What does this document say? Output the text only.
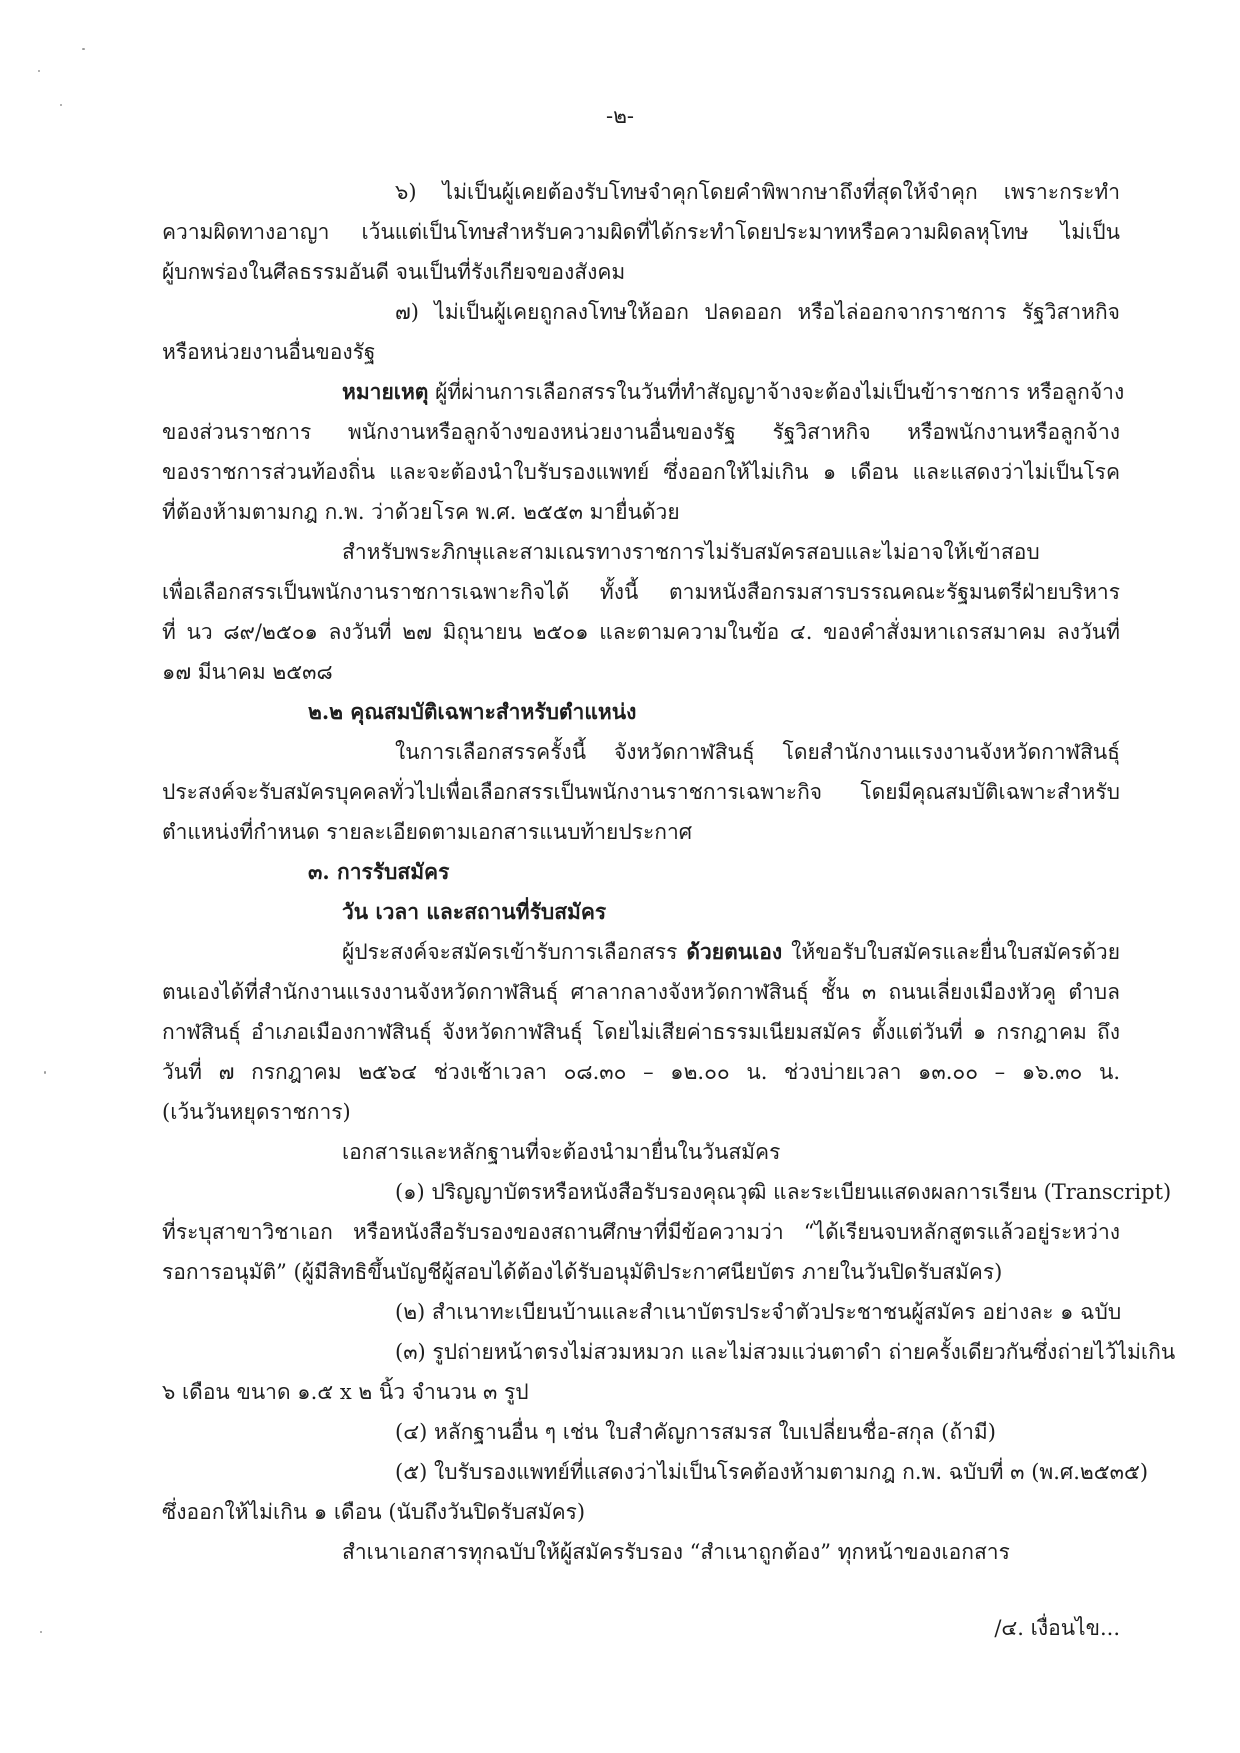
-๒-
๖) ไม่เป็นผู้เคยต้องรับโทษจำคุกโดยคำพิพากษาถึงที่สุดให้จำคุก เพราะกระทำ
ความผิดทางอาญา เว้นแต่เป็นโทษสำหรับความผิดที่ได้กระทำโดยประมาทหรือความผิดลหุโทษ ไม่เป็น
ผู้บกพร่องในศีลธรรมอันดี จนเป็นที่รังเกียจของสังคม
๗) ไม่เป็นผู้เคยถูกลงโทษให้ออก ปลดออก หรือไล่ออกจากราชการ รัฐวิสาหกิจ
หรือหน่วยงานอื่นของรัฐ
หมายเหตุ ผู้ที่ผ่านการเลือกสรรในวันที่ทำสัญญาจ้างจะต้องไม่เป็นข้าราชการ หรือลูกจ้าง
ของส่วนราชการ พนักงานหรือลูกจ้างของหน่วยงานอื่นของรัฐ รัฐวิสาหกิจ หรือพนักงานหรือลูกจ้าง
ของราชการส่วนท้องถิ่น และจะต้องนำใบรับรองแพทย์ ซึ่งออกให้ไม่เกิน ๑ เดือน และแสดงว่าไม่เป็นโรค
ที่ต้องห้ามตามกฎ ก.พ. ว่าด้วยโรค พ.ศ. ๒๕๕๓ มายื่นด้วย
สำหรับพระภิกษุและสามเณรทางราชการไม่รับสมัครสอบและไม่อาจให้เข้าสอบ
เพื่อเลือกสรรเป็นพนักงานราชการเฉพาะกิจได้ ทั้งนี้ ตามหนังสือกรมสารบรรณคณะรัฐมนตรีฝ่ายบริหาร
ที่ นว ๘๙/๒๕๐๑ ลงวันที่ ๒๗ มิถุนายน ๒๕๐๑ และตามความในข้อ ๔. ของคำสั่งมหาเถรสมาคม ลงวันที่
๑๗ มีนาคม ๒๕๓๘
๒.๒ คุณสมบัติเฉพาะสำหรับตำแหน่ง
ในการเลือกสรรครั้งนี้ จังหวัดกาฬสินธุ์ โดยสำนักงานแรงงานจังหวัดกาฬสินธุ์
ประสงค์จะรับสมัครบุคคลทั่วไปเพื่อเลือกสรรเป็นพนักงานราชการเฉพาะกิจ โดยมีคุณสมบัติเฉพาะสำหรับ
ตำแหน่งที่กำหนด รายละเอียดตามเอกสารแนบท้ายประกาศ
๓. การรับสมัคร
วัน เวลา และสถานที่รับสมัคร
ผู้ประสงค์จะสมัครเข้ารับการเลือกสรร ด้วยตนเอง ให้ขอรับใบสมัครและยื่นใบสมัครด้วย
ตนเองได้ที่สำนักงานแรงงานจังหวัดกาฬสินธุ์ ศาลากลางจังหวัดกาฬสินธุ์ ชั้น ๓ ถนนเลี่ยงเมืองหัวคู ตำบล
กาฬสินธุ์ อำเภอเมืองกาฬสินธุ์ จังหวัดกาฬสินธุ์ โดยไม่เสียค่าธรรมเนียมสมัคร ตั้งแต่วันที่ ๑ กรกฎาคม ถึง
วันที่ ๗ กรกฎาคม ๒๕๖๔ ช่วงเช้าเวลา ๐๘.๓๐ – ๑๒.๐๐ น. ช่วงบ่ายเวลา ๑๓.๐๐ – ๑๖.๓๐ น.
(เว้นวันหยุดราชการ)
เอกสารและหลักฐานที่จะต้องนำมายื่นในวันสมัคร
(๑) ปริญญาบัตรหรือหนังสือรับรองคุณวุฒิ และระเบียนแสดงผลการเรียน (Transcript)
ที่ระบุสาขาวิชาเอก หรือหนังสือรับรองของสถานศึกษาที่มีข้อความว่า “ได้เรียนจบหลักสูตรแล้วอยู่ระหว่าง
รอการอนุมัติ” (ผู้มีสิทธิขึ้นบัญชีผู้สอบได้ต้องได้รับอนุมัติประกาศนียบัตร ภายในวันปิดรับสมัคร)
(๒) สำเนาทะเบียนบ้านและสำเนาบัตรประจำตัวประชาชนผู้สมัคร อย่างละ ๑ ฉบับ
(๓) รูปถ่ายหน้าตรงไม่สวมหมวก และไม่สวมแว่นตาดำ ถ่ายครั้งเดียวกันซึ่งถ่ายไว้ไม่เกิน
๖ เดือน ขนาด ๑.๕ x ๒ นิ้ว จำนวน ๓ รูป
(๔) หลักฐานอื่น ๆ เช่น ใบสำคัญการสมรส ใบเปลี่ยนชื่อ-สกุล (ถ้ามี)
(๕) ใบรับรองแพทย์ที่แสดงว่าไม่เป็นโรคต้องห้ามตามกฎ ก.พ. ฉบับที่ ๓ (พ.ศ.๒๕๓๕)
ซึ่งออกให้ไม่เกิน ๑ เดือน (นับถึงวันปิดรับสมัคร)
สำเนาเอกสารทุกฉบับให้ผู้สมัครรับรอง “สำเนาถูกต้อง” ทุกหน้าของเอกสาร
/๔. เงื่อนไข...
